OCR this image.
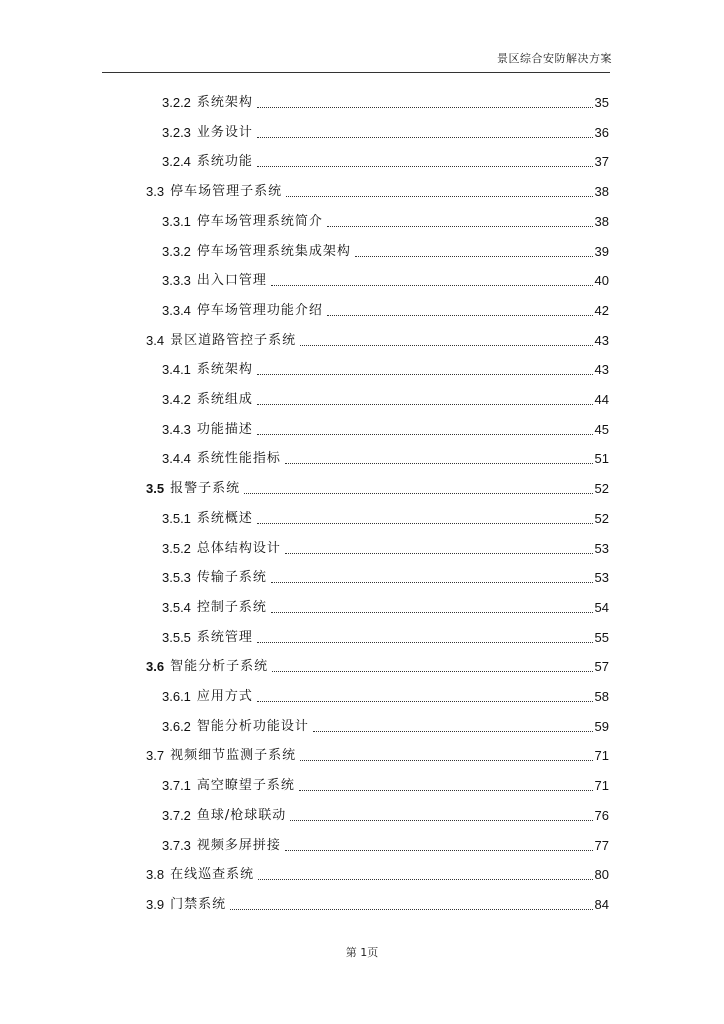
景区综合安防解决方案
3.2.2 系统架构	35
3.2.3 业务设计	36
3.2.4 系统功能	37
3.3 停车场管理子系统	38
3.3.1 停车场管理系统简介	38
3.3.2 停车场管理系统集成架构	39
3.3.3 出入口管理	40
3.3.4 停车场管理功能介绍	42
3.4 景区道路管控子系统	43
3.4.1 系统架构	43
3.4.2 系统组成	44
3.4.3 功能描述	45
3.4.4 系统性能指标	51
3.5 报警子系统	52
3.5.1 系统概述	52
3.5.2 总体结构设计	53
3.5.3 传输子系统	53
3.5.4 控制子系统	54
3.5.5 系统管理	55
3.6 智能分析子系统	57
3.6.1 应用方式	58
3.6.2 智能分析功能设计	59
3.7 视频细节监测子系统	71
3.7.1 高空瞭望子系统	71
3.7.2 鱼球/枪球联动	76
3.7.3 视频多屏拼接	77
3.8 在线巡查系统	80
3.9 门禁系统	84
第 1页
